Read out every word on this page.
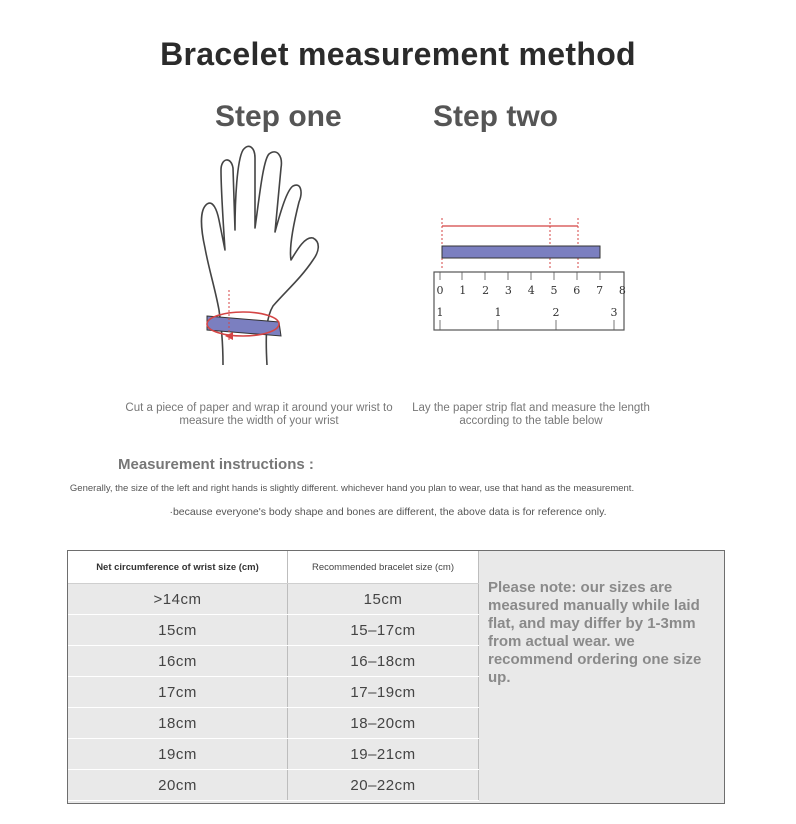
Bracelet measurement method
Step one	Step two
0 1 2 3 4 5 6 7 8
1	1	2	3
Cut a piece of paper and wrap it around your wrist to measure the width of your wrist
Lay the paper strip flat and measure the length according to the table below
Measurement instructions :
Generally, the size of the left and right hands is slightly different. whichever hand you plan to wear, use that hand as the measurement.
·because everyone's body shape and bones are different, the above data is for reference only.
Net circumference of wrist size (cm)	Recommended bracelet size (cm)
>14cm	15cm
15cm	15–17cm
16cm	16–18cm
17cm	17–19cm
18cm	18–20cm
19cm	19–21cm
20cm	20–22cm
Please note: our sizes are measured manually while laid flat, and may differ by 1-3mm from actual wear. we recommend ordering one size up.
